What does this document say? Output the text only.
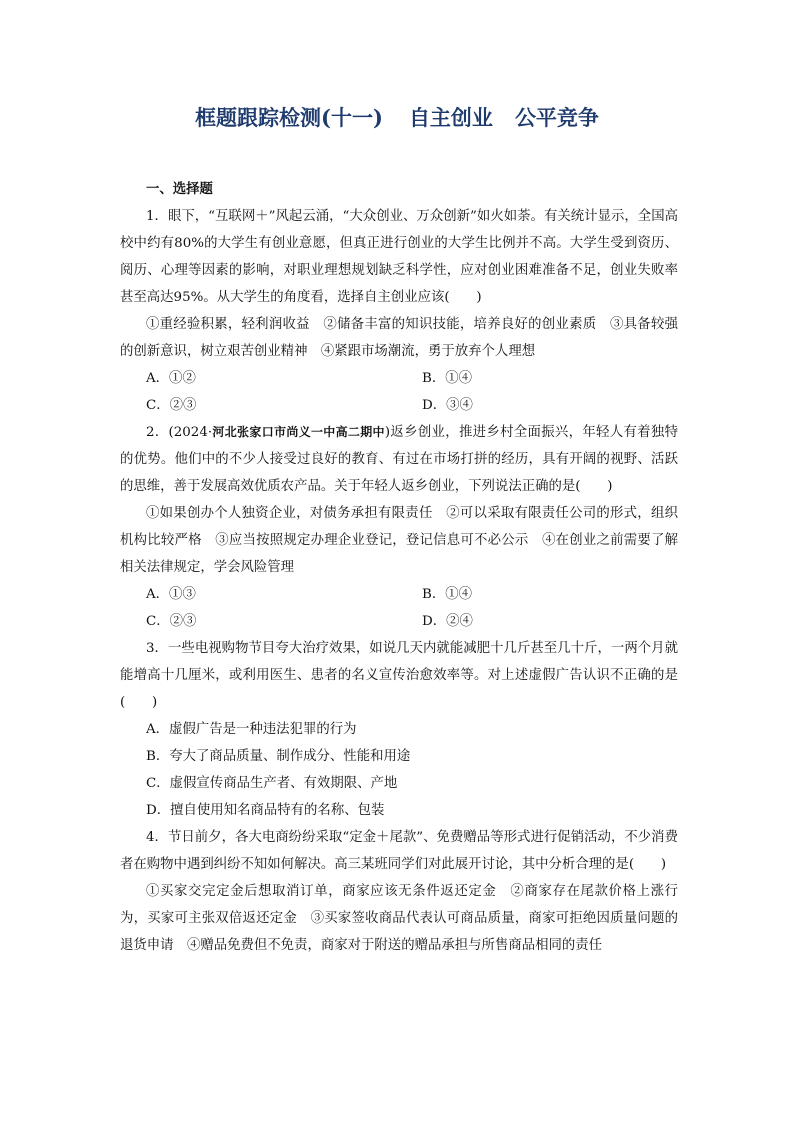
框题跟踪检测(十一) 自主创业 公平竞争
一、选择题

1．眼下，“互联网＋”风起云涌，“大众创业、万众创新”如火如荼。有关统计显示，全国高校中约有80%的大学生有创业意愿，但真正进行创业的大学生比例并不高。大学生受到资历、阅历、心理等因素的影响，对职业理想规划缺乏科学性，应对创业困难准备不足，创业失败率甚至高达95%。从大学生的角度看，选择自主创业应该(　　)

①重经验积累，轻利润收益　②储备丰富的知识技能，培养良好的创业素质　③具备较强的创新意识，树立艰苦创业精神　④紧跟市场潮流，勇于放弃个人理想

A．①②	B．①④
C．②③	D．③④

2．(2024·河北张家口市尚义一中高二期中)返乡创业，推进乡村全面振兴，年轻人有着独特的优势。他们中的不少人接受过良好的教育、有过在市场打拼的经历，具有开阔的视野、活跃的思维，善于发展高效优质农产品。关于年轻人返乡创业，下列说法正确的是(　　)

①如果创办个人独资企业，对债务承担有限责任　②可以采取有限责任公司的形式，组织机构比较严格　③应当按照规定办理企业登记，登记信息可不必公示　④在创业之前需要了解相关法律规定，学会风险管理

A．①③	B．①④
C．②③	D．②④

3．一些电视购物节目夸大治疗效果，如说几天内就能减肥十几斤甚至几十斤，一两个月就能增高十几厘米，或利用医生、患者的名义宣传治愈效率等。对上述虚假广告认识不正确的是(　　)

A．虚假广告是一种违法犯罪的行为
B．夸大了商品质量、制作成分、性能和用途
C．虚假宣传商品生产者、有效期限、产地
D．擅自使用知名商品特有的名称、包装

4．节日前夕，各大电商纷纷采取“定金＋尾款”、免费赠品等形式进行促销活动，不少消费者在购物中遇到纠纷不知如何解决。高三某班同学们对此展开讨论，其中分析合理的是(　　)

①买家交完定金后想取消订单，商家应该无条件返还定金　②商家存在尾款价格上涨行为，买家可主张双倍返还定金　③买家签收商品代表认可商品质量，商家可拒绝因质量问题的退货申请　④赠品免费但不免责，商家对于附送的赠品承担与所售商品相同的责任
